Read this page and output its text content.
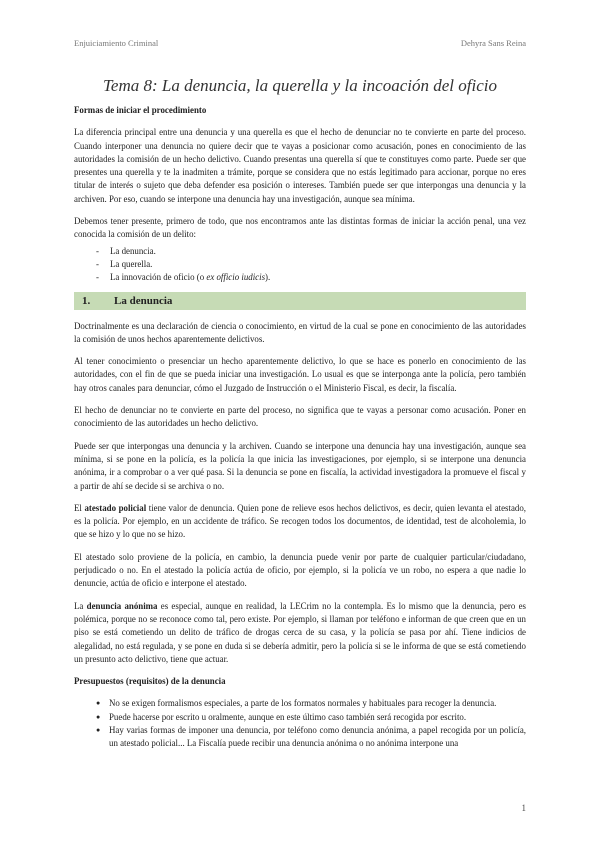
Enjuiciamiento Criminal	Dehyra Sans Reina
Tema 8: La denuncia, la querella y la incoación del oficio

Formas de iniciar el procedimiento

La diferencia principal entre una denuncia y una querella es que el hecho de denunciar no te convierte en parte del proceso. Cuando interponer una denuncia no quiere decir que te vayas a posicionar como acusación, pones en conocimiento de las autoridades la comisión de un hecho delictivo. Cuando presentas una querella sí que te constituyes como parte. Puede ser que presentes una querella y te la inadmiten a trámite, porque se considera que no estás legitimado para accionar, porque no eres titular de interés o sujeto que deba defender esa posición o intereses. También puede ser que interpongas una denuncia y la archiven. Por eso, cuando se interpone una denuncia hay una investigación, aunque sea mínima.

Debemos tener presente, primero de todo, que nos encontramos ante las distintas formas de iniciar la acción penal, una vez conocida la comisión de un delito:

- La denuncia.
- La querella.
- La innovación de oficio (o ex officio iudicis).
1. La denuncia

Doctrinalmente es una declaración de ciencia o conocimiento, en virtud de la cual se pone en conocimiento de las autoridades la comisión de unos hechos aparentemente delictivos.

Al tener conocimiento o presenciar un hecho aparentemente delictivo, lo que se hace es ponerlo en conocimiento de las autoridades, con el fin de que se pueda iniciar una investigación. Lo usual es que se interponga ante la policía, pero también hay otros canales para denunciar, cómo el Juzgado de Instrucción o el Ministerio Fiscal, es decir, la fiscalía.

El hecho de denunciar no te convierte en parte del proceso, no significa que te vayas a personar como acusación. Poner en conocimiento de las autoridades un hecho delictivo.

Puede ser que interpongas una denuncia y la archiven. Cuando se interpone una denuncia hay una investigación, aunque sea mínima, si se pone en la policía, es la policía la que inicia las investigaciones, por ejemplo, si se interpone una denuncia anónima, ir a comprobar o a ver qué pasa. Si la denuncia se pone en fiscalía, la actividad investigadora la promueve el fiscal y a partir de ahí se decide si se archiva o no.

El atestado policial tiene valor de denuncia. Quien pone de relieve esos hechos delictivos, es decir, quien levanta el atestado, es la policía. Por ejemplo, en un accidente de tráfico. Se recogen todos los documentos, de identidad, test de alcoholemia, lo que se hizo y lo que no se hizo.

El atestado solo proviene de la policía, en cambio, la denuncia puede venir por parte de cualquier particular/ciudadano, perjudicado o no. En el atestado la policía actúa de oficio, por ejemplo, si la policía ve un robo, no espera a que nadie lo denuncie, actúa de oficio e interpone el atestado.

La denuncia anónima es especial, aunque en realidad, la LECrim no la contempla. Es lo mismo que la denuncia, pero es polémica, porque no se reconoce como tal, pero existe. Por ejemplo, si llaman por teléfono e informan de que creen que en un piso se está cometiendo un delito de tráfico de drogas cerca de su casa, y la policía se pasa por ahí. Tiene indicios de alegalidad, no está regulada, y se pone en duda si se debería admitir, pero la policía si se le informa de que se está cometiendo un presunto acto delictivo, tiene que actuar.

Presupuestos (requisitos) de la denuncia

● No se exigen formalismos especiales, a parte de los formatos normales y habituales para recoger la denuncia.
● Puede hacerse por escrito u oralmente, aunque en este último caso también será recogida por escrito.
● Hay varias formas de imponer una denuncia, por teléfono como denuncia anónima, a papel recogida por un policía, un atestado policial... La Fiscalía puede recibir una denuncia anónima o no anónima interpone una
1
